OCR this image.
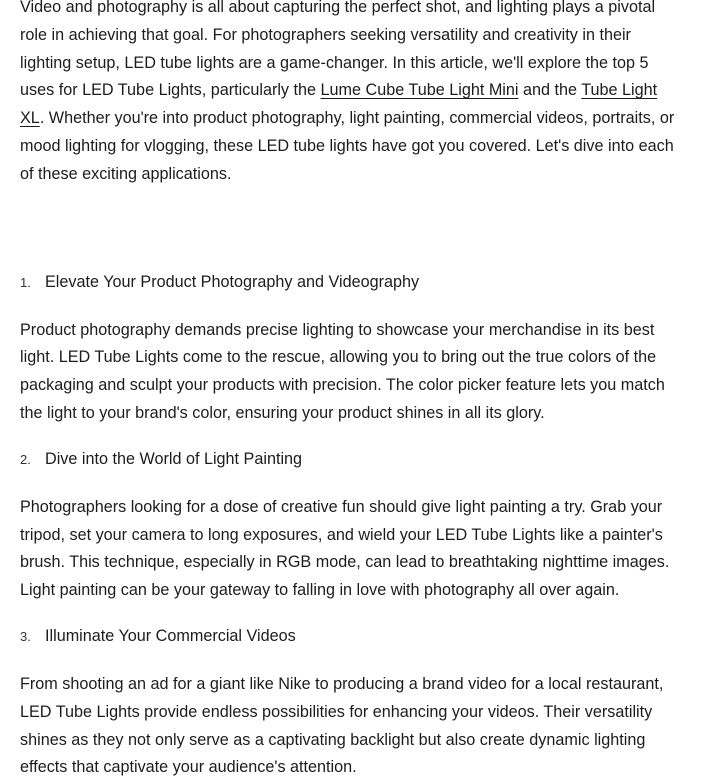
Video and photography is all about capturing the perfect shot, and lighting plays a pivotal role in achieving that goal. For photographers seeking versatility and creativity in their lighting setup, LED tube lights are a game-changer. In this article, we'll explore the top 5 uses for LED Tube Lights, particularly the Lume Cube Tube Light Mini and the Tube Light XL. Whether you're into product photography, light painting, commercial videos, portraits, or mood lighting for vlogging, these LED tube lights have got you covered. Let's dive into each of these exciting applications.

1. Elevate Your Product Photography and Videography

Product photography demands precise lighting to showcase your merchandise in its best light. LED Tube Lights come to the rescue, allowing you to bring out the true colors of the packaging and sculpt your products with precision. The color picker feature lets you match the light to your brand's color, ensuring your product shines in all its glory.

2. Dive into the World of Light Painting

Photographers looking for a dose of creative fun should give light painting a try. Grab your tripod, set your camera to long exposures, and wield your LED Tube Lights like a painter's brush. This technique, especially in RGB mode, can lead to breathtaking nighttime images. Light painting can be your gateway to falling in love with photography all over again.

3. Illuminate Your Commercial Videos

From shooting an ad for a giant like Nike to producing a brand video for a local restaurant, LED Tube Lights provide endless possibilities for enhancing your videos. Their versatility shines as they not only serve as a captivating backlight but also create dynamic lighting effects that captivate your audience's attention.
